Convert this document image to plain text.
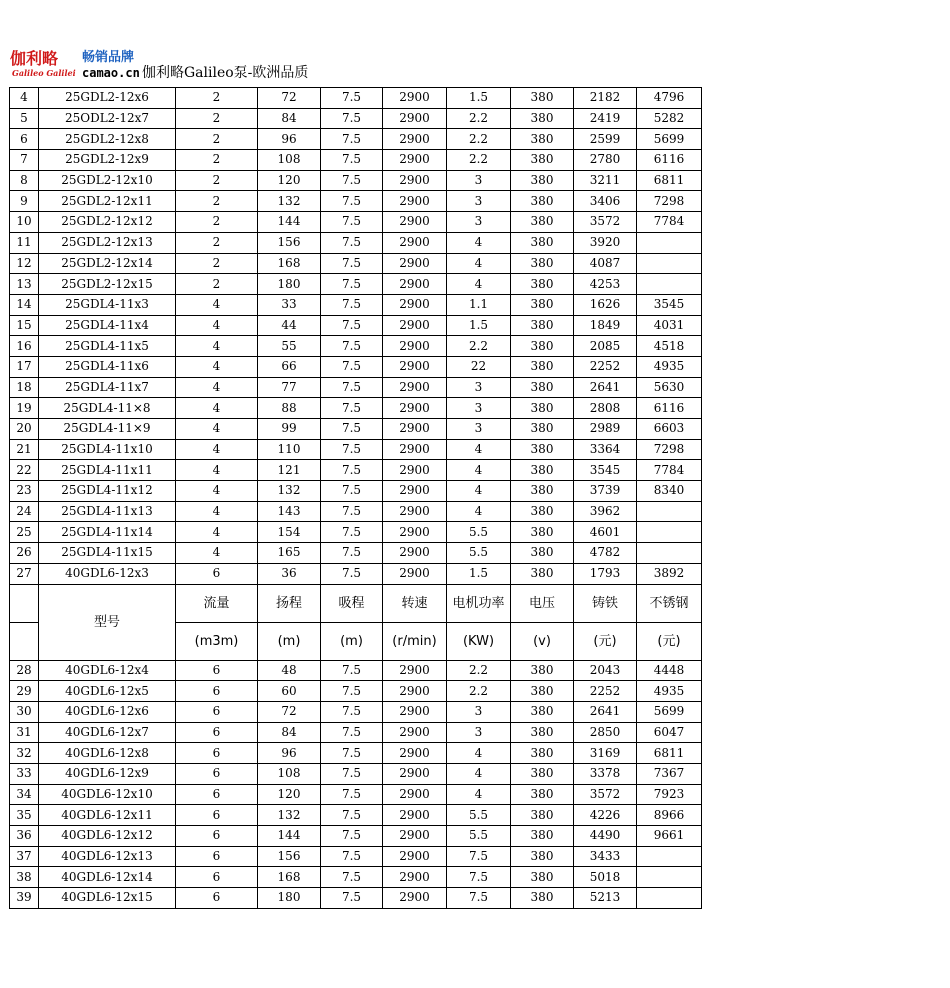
伽利略
Galileo Galilei
畅销品牌
camao.cn 伽利略Galileo泵-欧洲品质
4	25GDL2-12x6	2	72	7.5	2900	1.5	380	2182	4796
5	25ODL2-12x7	2	84	7.5	2900	2.2	380	2419	5282
6	25GDL2-12x8	2	96	7.5	2900	2.2	380	2599	5699
7	25GDL2-12x9	2	108	7.5	2900	2.2	380	2780	6116
8	25GDL2-12x10	2	120	7.5	2900	3	380	3211	6811
9	25GDL2-12x11	2	132	7.5	2900	3	380	3406	7298
10	25GDL2-12x12	2	144	7.5	2900	3	380	3572	7784
11	25GDL2-12x13	2	156	7.5	2900	4	380	3920	
12	25GDL2-12x14	2	168	7.5	2900	4	380	4087	
13	25GDL2-12x15	2	180	7.5	2900	4	380	4253	
14	25GDL4-11x3	4	33	7.5	2900	1.1	380	1626	3545
15	25GDL4-11x4	4	44	7.5	2900	1.5	380	1849	4031
16	25GDL4-11x5	4	55	7.5	2900	2.2	380	2085	4518
17	25GDL4-11x6	4	66	7.5	2900	22	380	2252	4935
18	25GDL4-11x7	4	77	7.5	2900	3	380	2641	5630
19	25GDL4-11×8	4	88	7.5	2900	3	380	2808	6116
20	25GDL4-11×9	4	99	7.5	2900	3	380	2989	6603
21	25GDL4-11x10	4	110	7.5	2900	4	380	3364	7298
22	25GDL4-11x11	4	121	7.5	2900	4	380	3545	7784
23	25GDL4-11x12	4	132	7.5	2900	4	380	3739	8340
24	25GDL4-11x13	4	143	7.5	2900	4	380	3962	
25	25GDL4-11x14	4	154	7.5	2900	5.5	380	4601	
26	25GDL4-11x15	4	165	7.5	2900	5.5	380	4782	
27	40GDL6-12x3	6	36	7.5	2900	1.5	380	1793	3892
	型号	流量	扬程	吸程	转速	电机功率	电压	铸铁	不锈钢
		(m3m)	(m)	(m)	(r/min)	(KW)	(v)	(元)	(元)
28	40GDL6-12x4	6	48	7.5	2900	2.2	380	2043	4448
29	40GDL6-12x5	6	60	7.5	2900	2.2	380	2252	4935
30	40GDL6-12x6	6	72	7.5	2900	3	380	2641	5699
31	40GDL6-12x7	6	84	7.5	2900	3	380	2850	6047
32	40GDL6-12x8	6	96	7.5	2900	4	380	3169	6811
33	40GDL6-12x9	6	108	7.5	2900	4	380	3378	7367
34	40GDL6-12x10	6	120	7.5	2900	4	380	3572	7923
35	40GDL6-12x11	6	132	7.5	2900	5.5	380	4226	8966
36	40GDL6-12x12	6	144	7.5	2900	5.5	380	4490	9661
37	40GDL6-12x13	6	156	7.5	2900	7.5	380	3433	
38	40GDL6-12x14	6	168	7.5	2900	7.5	380	5018	
39	40GDL6-12x15	6	180	7.5	2900	7.5	380	5213	
